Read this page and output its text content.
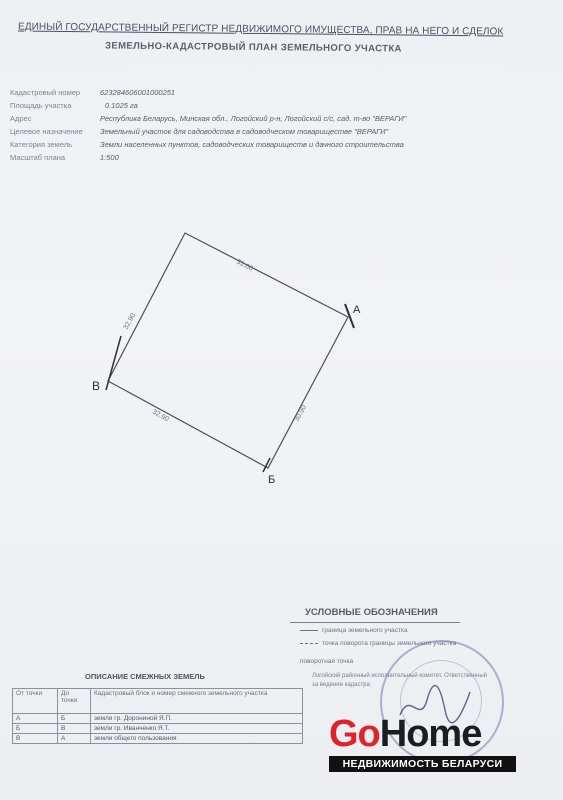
ЕДИНЫЙ ГОСУДАРСТВЕННЫЙ РЕГИСТР НЕДВИЖИМОГО ИМУЩЕСТВА, ПРАВ НА НЕГО И СДЕЛОК
ЗЕМЕЛЬНО-КАДАСТРОВЫЙ ПЛАН ЗЕМЕЛЬНОГО УЧАСТКА
Кадастровый номер	623284606001000251
Площадь участка	0.1025 га
Адрес	Республика Беларусь, Минская обл., Логойский р-н, Логойский с/с, сад. т-во "ВЕРАГИ"
Целевое назначение Земельный участок для садоводства в садоводческом товариществе "ВЕРАГИ"
Категория земель	Земли населенных пунктов, садоводческих товариществ и дачного строительства
Масштаб плана	1:500
31.00
32.90
32.90	30.90
A
Б
В
УСЛОВНЫЕ ОБОЗНАЧЕНИЯ
граница земельного участка
точка поворота границы земельного участка
поворотная точка
Логойский районный исполнительный комитет. Ответственный за ведение кадастра
ОПИСАНИЕ СМЕЖНЫХ ЗЕМЕЛЬ
От точки	До точки	Кадастровый блок и номер смежного земельного участка
А	Б	земли гр. Дорониной Я.П.
Б	В	земли гр. Иванченко Я.Т.
В	А	земли общего пользования	GoHome
НЕДВИЖИМОСТЬ БЕЛАРУСИ
